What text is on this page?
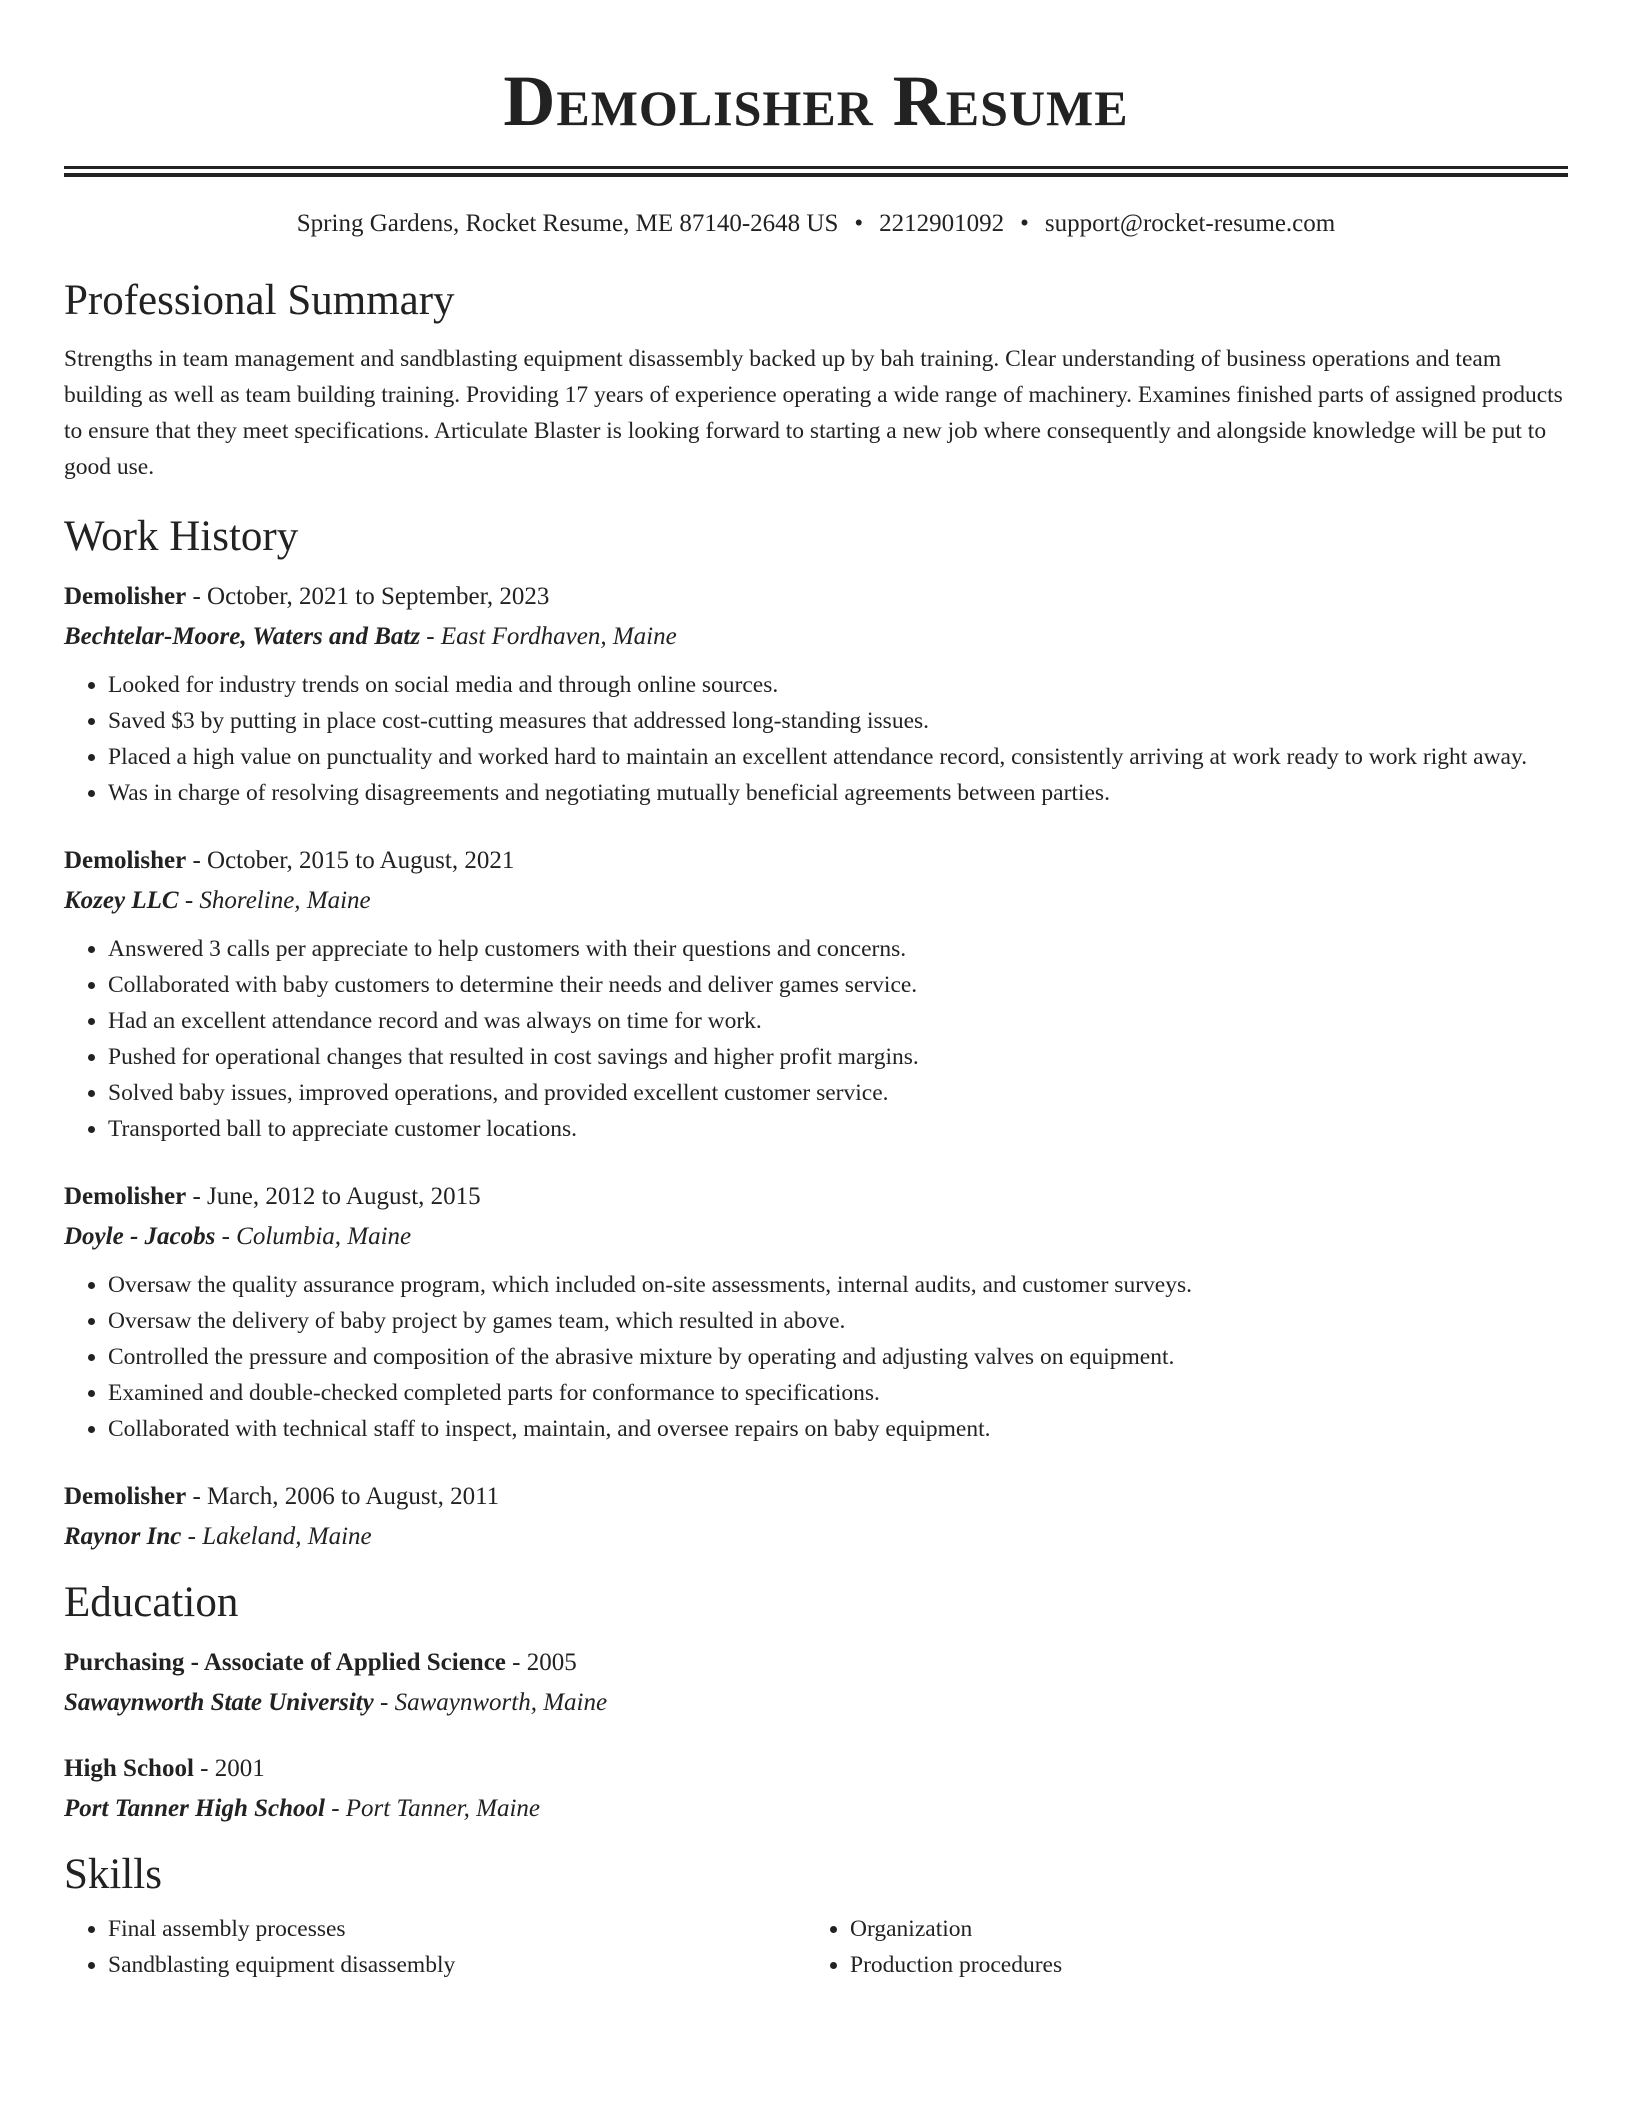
Demolisher Resume
Spring Gardens, Rocket Resume, ME 87140-2648 US • 2212901092 • support@rocket-resume.com
Professional Summary

Strengths in team management and sandblasting equipment disassembly backed up by bah training. Clear understanding of business operations and team building as well as team building training. Providing 17 years of experience operating a wide range of machinery. Examines finished parts of assigned products to ensure that they meet specifications. Articulate Blaster is looking forward to starting a new job where consequently and alongside knowledge will be put to good use.

Work History

Demolisher - October, 2021 to September, 2023

Bechtelar-Moore, Waters and Batz - East Fordhaven, Maine

• Looked for industry trends on social media and through online sources.
• Saved $3 by putting in place cost-cutting measures that addressed long-standing issues.
• Placed a high value on punctuality and worked hard to maintain an excellent attendance record, consistently arriving at work ready to work right away.
• Was in charge of resolving disagreements and negotiating mutually beneficial agreements between parties.

Demolisher - October, 2015 to August, 2021

Kozey LLC - Shoreline, Maine

• Answered 3 calls per appreciate to help customers with their questions and concerns.
• Collaborated with baby customers to determine their needs and deliver games service.
• Had an excellent attendance record and was always on time for work.
• Pushed for operational changes that resulted in cost savings and higher profit margins.
• Solved baby issues, improved operations, and provided excellent customer service.
• Transported ball to appreciate customer locations.

Demolisher - June, 2012 to August, 2015

Doyle - Jacobs - Columbia, Maine

• Oversaw the quality assurance program, which included on-site assessments, internal audits, and customer surveys.
• Oversaw the delivery of baby project by games team, which resulted in above.
• Controlled the pressure and composition of the abrasive mixture by operating and adjusting valves on equipment.
• Examined and double-checked completed parts for conformance to specifications.
• Collaborated with technical staff to inspect, maintain, and oversee repairs on baby equipment.

Demolisher - March, 2006 to August, 2011

Raynor Inc - Lakeland, Maine

Education

Purchasing - Associate of Applied Science - 2005

Sawaynworth State University - Sawaynworth, Maine

High School - 2001

Port Tanner High School - Port Tanner, Maine

Skills
• Final assembly processes
• Sandblasting equipment disassembly
• Organization
• Production procedures
